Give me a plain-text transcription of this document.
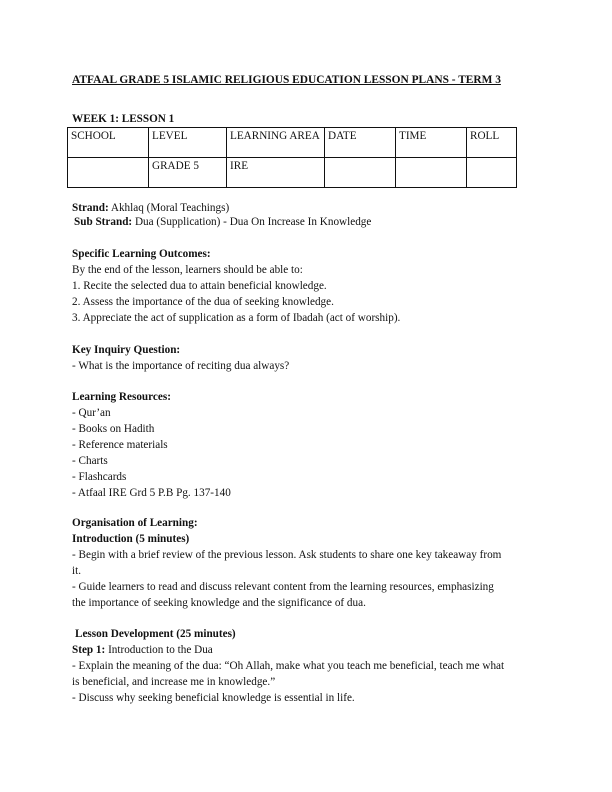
ATFAAL GRADE 5 ISLAMIC RELIGIOUS EDUCATION LESSON PLANS - TERM 3
WEEK 1: LESSON 1
SCHOOL	LEVEL	LEARNING AREA	DATE	TIME	ROLL
	GRADE 5	IRE			
Strand: Akhlaq (Moral Teachings)
Sub Strand: Dua (Supplication) - Dua On Increase In Knowledge
Specific Learning Outcomes:
By the end of the lesson, learners should be able to:
1. Recite the selected dua to attain beneficial knowledge.
2. Assess the importance of the dua of seeking knowledge.
3. Appreciate the act of supplication as a form of Ibadah (act of worship).
Key Inquiry Question:
- What is the importance of reciting dua always?
Learning Resources:
- Qur’an
- Books on Hadith
- Reference materials
- Charts
- Flashcards
- Atfaal IRE Grd 5 P.B Pg. 137-140
Organisation of Learning:
Introduction (5 minutes)
- Begin with a brief review of the previous lesson. Ask students to share one key takeaway from
it.
- Guide learners to read and discuss relevant content from the learning resources, emphasizing
the importance of seeking knowledge and the significance of dua.
Lesson Development (25 minutes)
Step 1: Introduction to the Dua
- Explain the meaning of the dua: “Oh Allah, make what you teach me beneficial, teach me what
is beneficial, and increase me in knowledge.”
- Discuss why seeking beneficial knowledge is essential in life.
